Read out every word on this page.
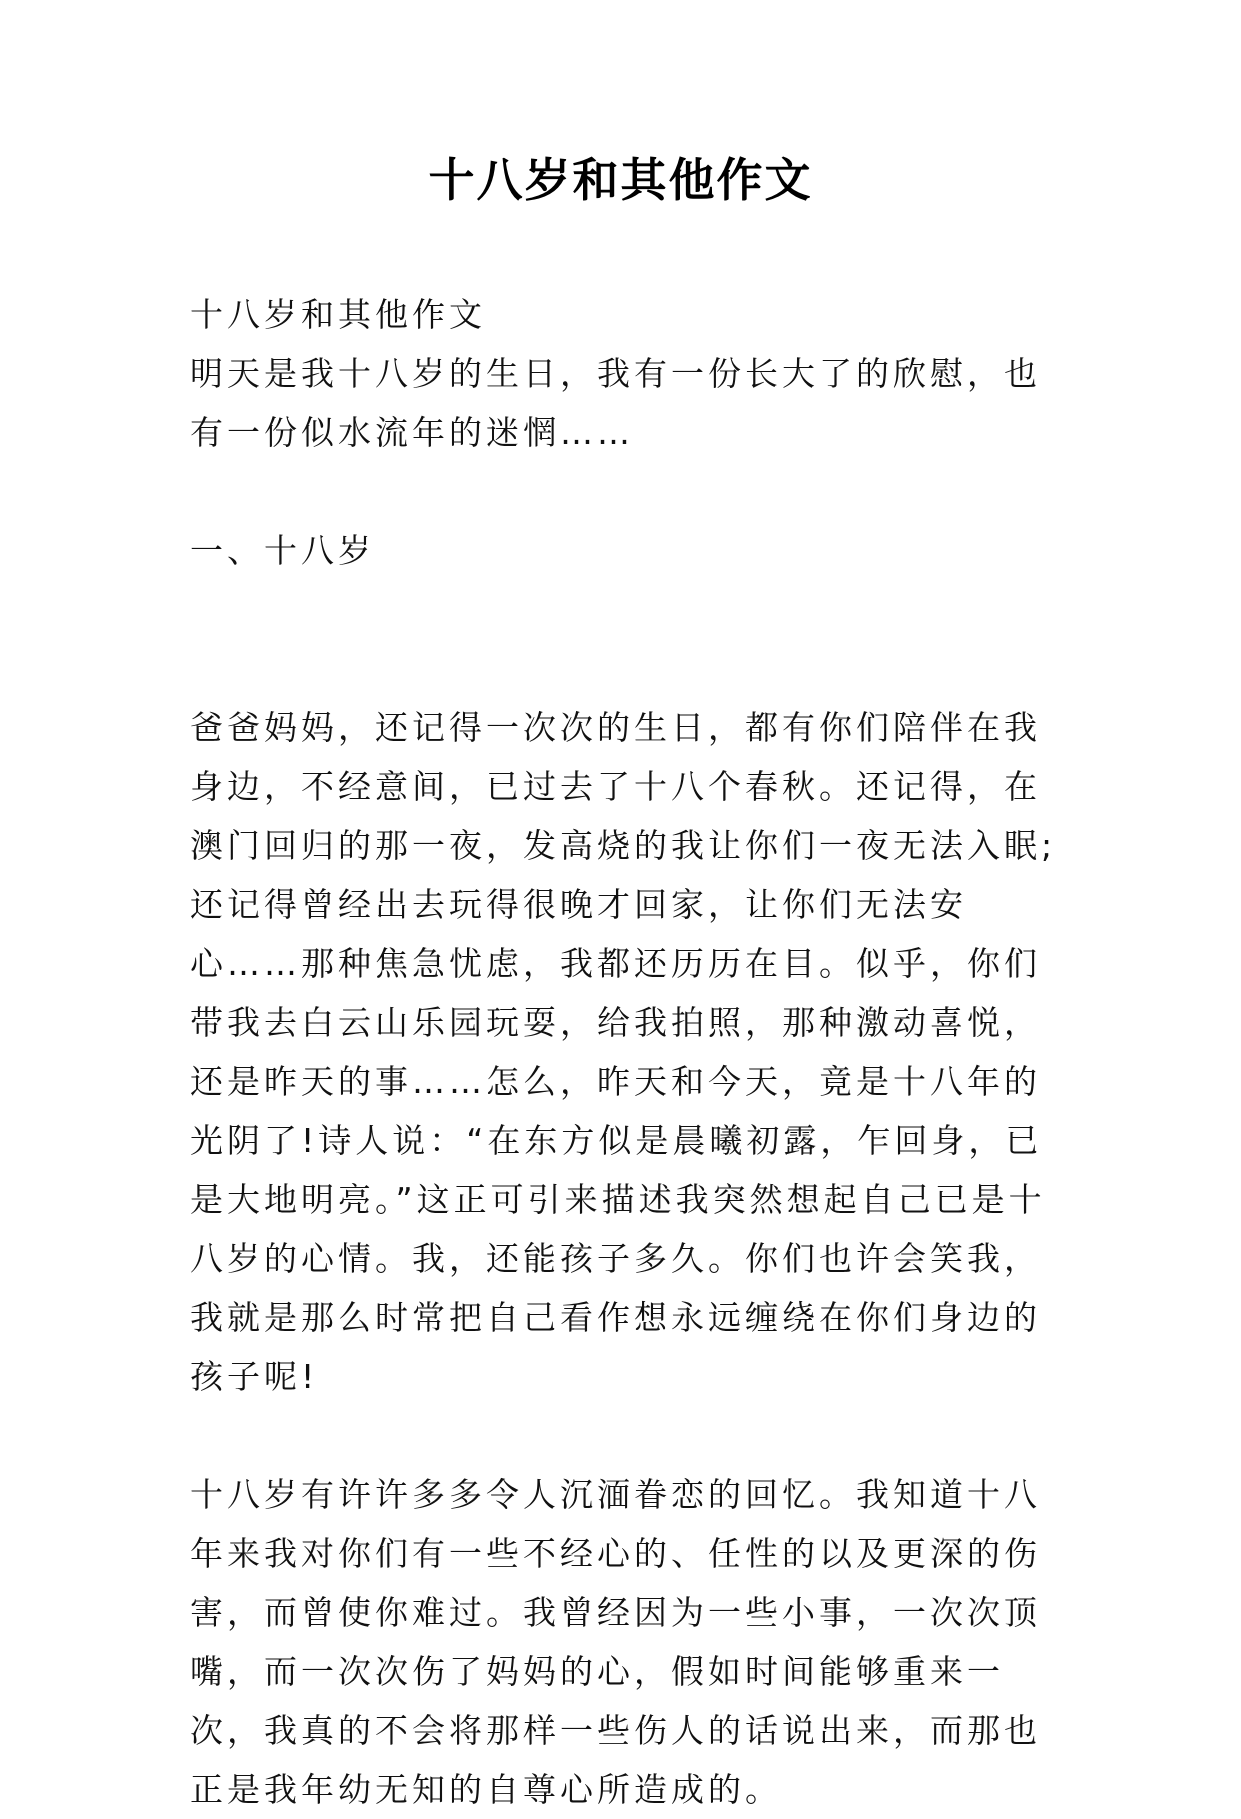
十八岁和其他作文

十八岁和其他作文

明天是我十八岁的生日，我有一份长大了的欣慰，也有一份似水流年的迷惘……

一、十八岁

爸爸妈妈，还记得一次次的生日，都有你们陪伴在我身边，不经意间，已过去了十八个春秋。还记得，在澳门回归的那一夜，发高烧的我让你们一夜无法入眠;还记得曾经出去玩得很晚才回家，让你们无法安心……那种焦急忧虑，我都还历历在目。似乎，你们带我去白云山乐园玩耍，给我拍照，那种激动喜悦，还是昨天的事……怎么，昨天和今天，竟是十八年的光阴了!诗人说：“在东方似是晨曦初露，乍回身，已是大地明亮。”这正可引来描述我突然想起自己已是十八岁的心情。我，还能孩子多久。你们也许会笑我，我就是那么时常把自己看作想永远缠绕在你们身边的孩子呢!

十八岁有许许多多令人沉湎眷恋的回忆。我知道十八年来我对你们有一些不经心的、任性的以及更深的伤害，而曾使你难过。我曾经因为一些小事，一次次顶嘴，而一次次伤了妈妈的心，假如时间能够重来一次，我真的不会将那样一些伤人的话说出来，而那也正是我年幼无知的自尊心所造成的。
